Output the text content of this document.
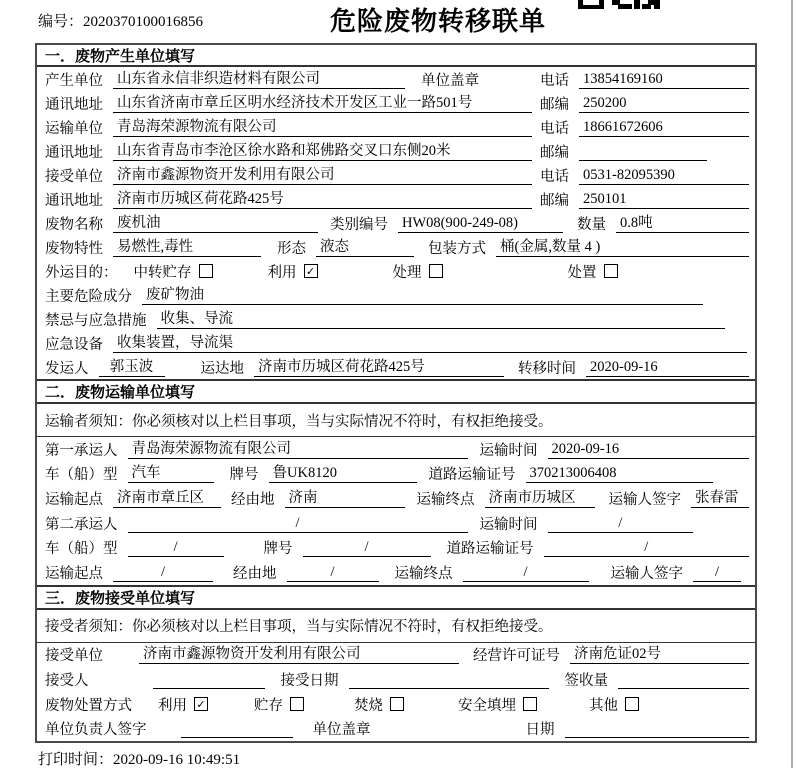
编号：2020370100016856	危险废物转移联单
一．废物产生单位填写
产生单位 山东省永信非织造材料有限公司	单位盖章	电话 13854169160
通讯地址 山东省济南市章丘区明水经济技术开发区工业一路501号	邮编 250200
运输单位 青岛海荣源物流有限公司	电话 18661672606
通讯地址 山东省青岛市李沧区徐水路和郑佛路交叉口东侧20米	邮编
接受单位 济南市鑫源物资开发利用有限公司	电话 0531-82095390
通讯地址 济南市历城区荷花路425号	邮编 250101
废物名称 废机油	类别编号 HW08(900-249-08)	数量 0.8吨
废物特性 易燃性,毒性	形态 液态	包装方式 桶(金属,数量 4 )
外运目的： 中转贮存	利用 ✓	处理	处置
主要危险成分 废矿物油
禁忌与应急措施 收集、导流
应急设备 收集装置，导流渠
发运人	郭玉波	运达地 济南市历城区荷花路425号	转移时间 2020-09-16
二．废物运输单位填写
运输者须知：你必须核对以上栏目事项，当与实际情况不符时，有权拒绝接受。
第一承运人 青岛海荣源物流有限公司	运输时间 2020-09-16
车（船）型 汽车	牌号 鲁UK8120	道路运输证号 370213006408
运输起点 济南市章丘区	经由地 济南	运输终点 济南市历城区	运输人签字 张春雷
第二承运人	/	运输时间	/
车（船）型	/	牌号	/	道路运输证号	/
运输起点	/	经由地	/	运输终点	/	运输人签字	/
三．废物接受单位填写
接受者须知：你必须核对以上栏目事项，当与实际情况不符时，有权拒绝接受。
接受单位	济南市鑫源物资开发利用有限公司	经营许可证号 济南危证02号
接受人	接受日期	签收量
废物处置方式 利用 ✓	贮存	焚烧	安全填埋	其他
单位负责人签字	单位盖章	日期
打印时间：2020-09-16 10:49:51
